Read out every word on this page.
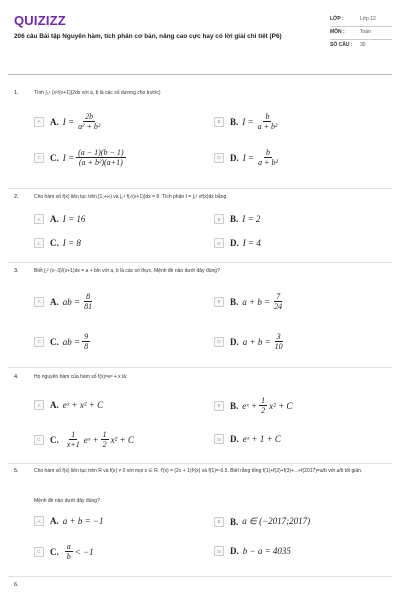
QUIZIZZ
206 câu Bài tập Nguyên hàm, tích phân cơ bản, nâng cao cực hay có lời giải chi tiết (P6)
LỚP :	Lớp 12
MÔN :	Toán
SỐ CÂU :	30
1.	Tính ∫₀¹ (x²/(x+1))2dx với a, b là các số dương cho trước)
A	A. $I = \frac{2b}{\text{a² + b²}}$	B	B. $I = \frac{b}{\text{a + b²}}$
C	C. $I = \frac{(a - 1)(b - 1)}{\text{(a + b²)(a+1)}}$	D	D. $I = \frac{b}{\text{a + b²}}$
2.	Cho hàm số f(x) liên tục trên [1;+∞) và ∫₀³ f(√(x+1))dx = 8. Tích phân I = ∫₁² xf(x)dx bằng
A	A. I = 16	B	B. I = 2
C	C. I = 8	D	D. I = 4
3.	Biết ∫₁² (x−3)/(x+1)dx = a + bln với a, b là các số thực. Mệnh đề nào dưới đây đúng?
A	A. ab = $\frac{8}{81}$	B	B. $a + b = \frac{7}{24}$
C	C. ab = $\frac{9}{8}$	D	D. $a + b = \frac{3}{10}$
4.	Họ nguyên hàm của hàm số f(x)=eˣ + x là:
A	A. eˣ + x² + C	B	B. eˣ + $\frac{1}{2} x^2 + C$
C	C. $\frac{1}{x+1}$ eˣ + $\frac{1}{2} x^2 + C$	D	D. eˣ + 1 + C
5.	Cho hàm số f(x) liên tục trên R và f(x) ≠ 0 với mọi x ∈ R. f′(x) = (2x + 1)f²(x) và f(1)=-0,5. Biết rằng tổng f(1)+f(2)+f(3)+...+f(2017)=a/b với a/b tối giản.
Mệnh đề nào dưới đây đúng?
A	A. a + b = −1	B	B. a ∈ (−2017;2017)
C	C. $\frac{a}{b} < -1$	D	D. b − a = 4035
6.
